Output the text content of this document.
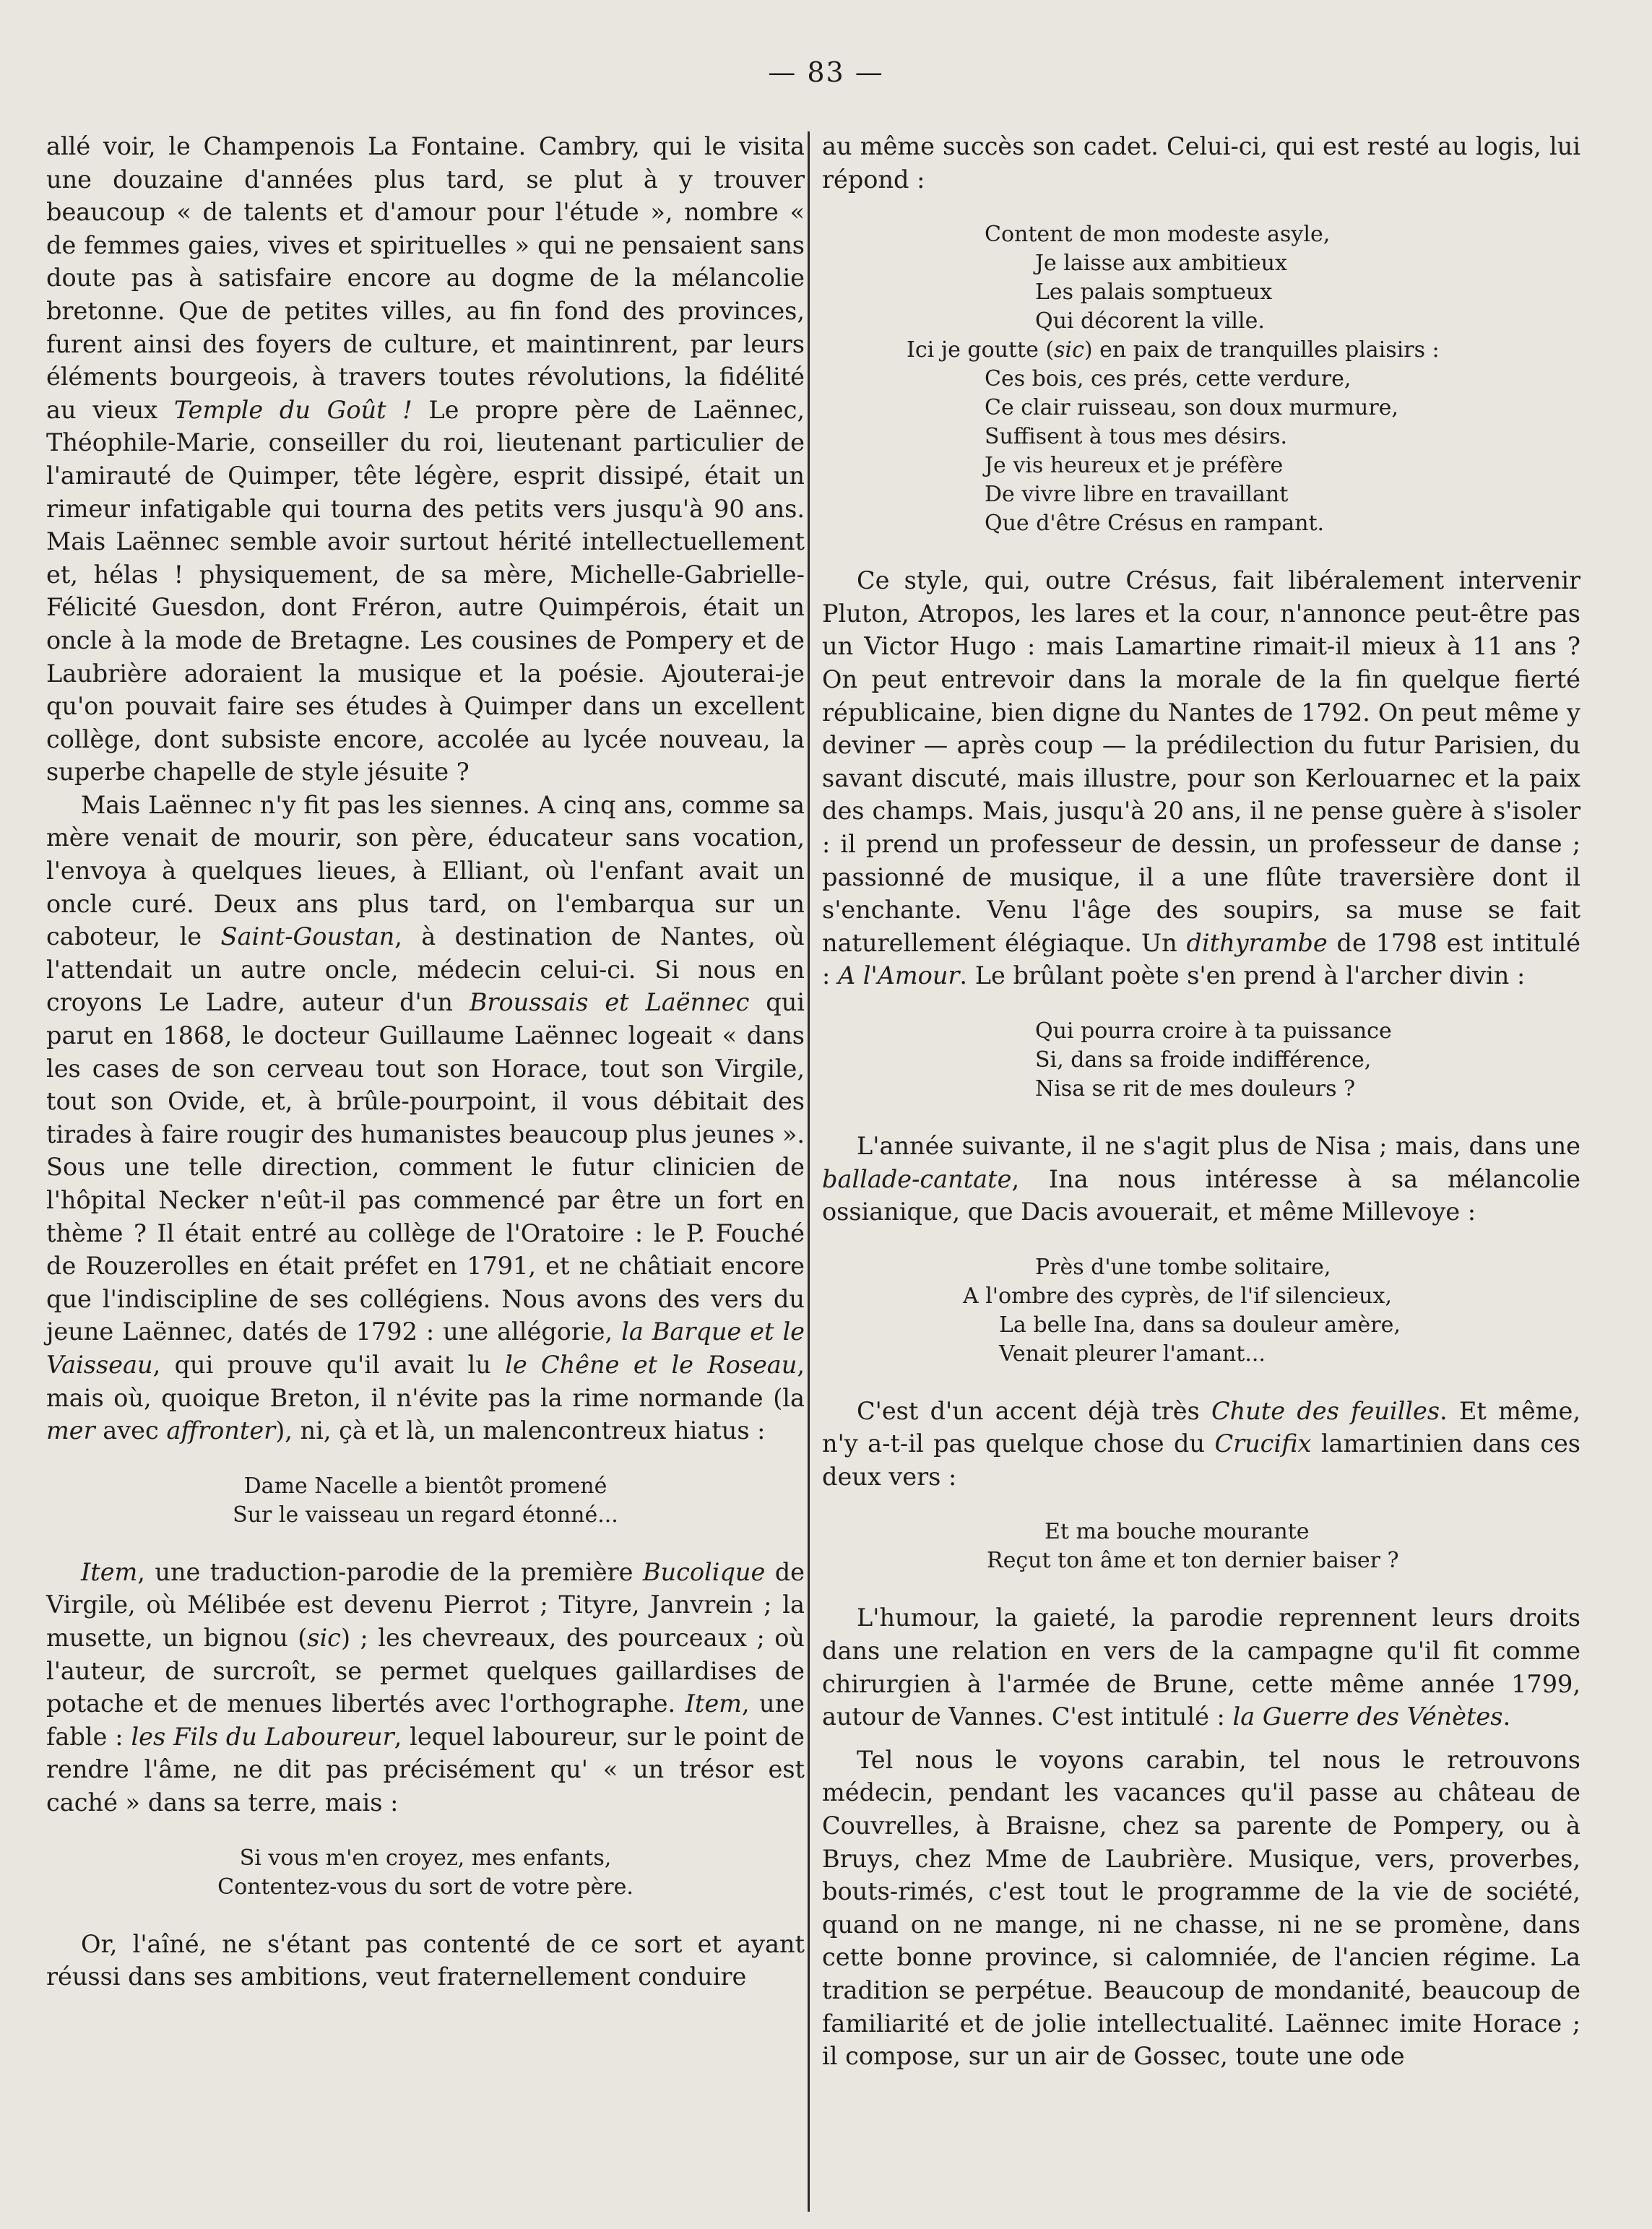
— 83 —

allé voir, le Champenois La Fontaine. Cambry, qui le visita une douzaine d'années plus tard, se plut à y trouver beaucoup « de talents et d'amour pour l'étude », nombre « de femmes gaies, vives et spirituelles » qui ne pensaient sans doute pas à satisfaire encore au dogme de la mélancolie bretonne. Que de petites villes, au fin fond des provinces, furent ainsi des foyers de culture, et maintinrent, par leurs éléments bourgeois, à travers toutes révolutions, la fidélité au vieux Temple du Goût ! Le propre père de Laënnec, Théophile-Marie, conseiller du roi, lieutenant particulier de l'amirauté de Quimper, tête légère, esprit dissipé, était un rimeur infatigable qui tourna des petits vers jusqu'à 90 ans. Mais Laënnec semble avoir surtout hérité intellectuellement et, hélas ! physiquement, de sa mère, Michelle-Gabrielle-Félicité Guesdon, dont Fréron, autre Quimpérois, était un oncle à la mode de Bretagne. Les cousines de Pompery et de Laubrière adoraient la musique et la poésie. Ajouterai-je qu'on pouvait faire ses études à Quimper dans un excellent collège, dont subsiste encore, accolée au lycée nouveau, la superbe chapelle de style jésuite ?

Mais Laënnec n'y fit pas les siennes. A cinq ans, comme sa mère venait de mourir, son père, éducateur sans vocation, l'envoya à quelques lieues, à Elliant, où l'enfant avait un oncle curé. Deux ans plus tard, on l'embarqua sur un caboteur, le Saint-Goustan, à destination de Nantes, où l'attendait un autre oncle, médecin celui-ci. Si nous en croyons Le Ladre, auteur d'un Broussais et Laënnec qui parut en 1868, le docteur Guillaume Laënnec logeait « dans les cases de son cerveau tout son Horace, tout son Virgile, tout son Ovide, et, à brûle-pourpoint, il vous débitait des tirades à faire rougir des humanistes beaucoup plus jeunes ». Sous une telle direction, comment le futur clinicien de l'hôpital Necker n'eût-il pas commencé par être un fort en thème ? Il était entré au collège de l'Oratoire : le P. Fouché de Rouzerolles en était préfet en 1791, et ne châtiait encore que l'indiscipline de ses collégiens. Nous avons des vers du jeune Laënnec, datés de 1792 : une allégorie, la Barque et le Vaisseau, qui prouve qu'il avait lu le Chêne et le Roseau, mais où, quoique Breton, il n'évite pas la rime normande (la mer avec affronter), ni, çà et là, un malencontreux hiatus :

Dame Nacelle a bientôt promené
Sur le vaisseau un regard étonné...

Item, une traduction-parodie de la première Bucolique de Virgile, où Mélibée est devenu Pierrot ; Tityre, Janvrein ; la musette, un bignou (sic) ; les chevreaux, des pourceaux ; où l'auteur, de surcroît, se permet quelques gaillardises de potache et de menues libertés avec l'orthographe. Item, une fable : les Fils du Laboureur, lequel laboureur, sur le point de rendre l'âme, ne dit pas précisément qu' « un trésor est caché » dans sa terre, mais :

Si vous m'en croyez, mes enfants,
Contentez-vous du sort de votre père.

Or, l'aîné, ne s'étant pas contenté de ce sort et ayant réussi dans ses ambitions, veut fraternellement conduire

au même succès son cadet. Celui-ci, qui est resté au logis, lui répond :

Content de mon modeste asyle,
Je laisse aux ambitieux
Les palais somptueux
Qui décorent la ville.
Ici je goutte (sic) en paix de tranquilles plaisirs :
Ces bois, ces prés, cette verdure,
Ce clair ruisseau, son doux murmure,
Suffisent à tous mes désirs.
Je vis heureux et je préfère
De vivre libre en travaillant
Que d'être Crésus en rampant.

Ce style, qui, outre Crésus, fait libéralement intervenir Pluton, Atropos, les lares et la cour, n'annonce peut-être pas un Victor Hugo : mais Lamartine rimait-il mieux à 11 ans ? On peut entrevoir dans la morale de la fin quelque fierté républicaine, bien digne du Nantes de 1792. On peut même y deviner — après coup — la prédilection du futur Parisien, du savant discuté, mais illustre, pour son Kerlouarnec et la paix des champs. Mais, jusqu'à 20 ans, il ne pense guère à s'isoler : il prend un professeur de dessin, un professeur de danse ; passionné de musique, il a une flûte traversière dont il s'enchante. Venu l'âge des soupirs, sa muse se fait naturellement élégiaque. Un dithyrambe de 1798 est intitulé : A l'Amour. Le brûlant poète s'en prend à l'archer divin :

Qui pourra croire à ta puissance
Si, dans sa froide indifférence,
Nisa se rit de mes douleurs ?

L'année suivante, il ne s'agit plus de Nisa ; mais, dans une ballade-cantate, Ina nous intéresse à sa mélancolie ossianique, que Dacis avouerait, et même Millevoye :

Près d'une tombe solitaire,
A l'ombre des cyprès, de l'if silencieux,
La belle Ina, dans sa douleur amère,
Venait pleurer l'amant...

C'est d'un accent déjà très Chute des feuilles. Et même, n'y a-t-il pas quelque chose du Crucifix lamartinien dans ces deux vers :

Et ma bouche mourante
Reçut ton âme et ton dernier baiser ?

L'humour, la gaieté, la parodie reprennent leurs droits dans une relation en vers de la campagne qu'il fit comme chirurgien à l'armée de Brune, cette même année 1799, autour de Vannes. C'est intitulé : la Guerre des Vénètes.

Tel nous le voyons carabin, tel nous le retrouvons médecin, pendant les vacances qu'il passe au château de Couvrelles, à Braisne, chez sa parente de Pompery, ou à Bruys, chez Mme de Laubrière. Musique, vers, proverbes, bouts-rimés, c'est tout le programme de la vie de société, quand on ne mange, ni ne chasse, ni ne se promène, dans cette bonne province, si calomniée, de l'ancien régime. La tradition se perpétue. Beaucoup de mondanité, beaucoup de familiarité et de jolie intellectualité. Laënnec imite Horace ; il compose, sur un air de Gossec, toute une ode
